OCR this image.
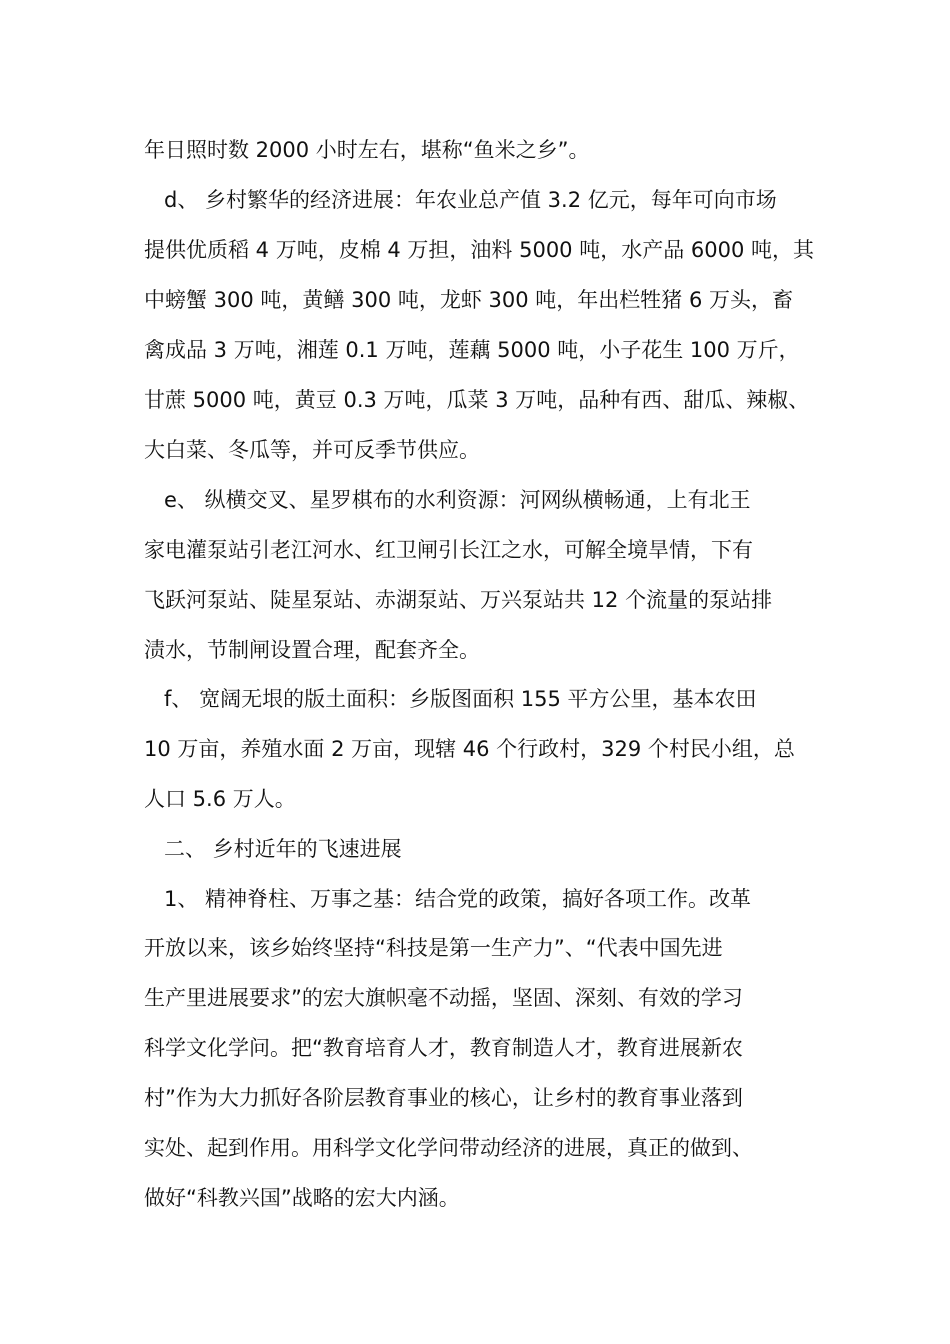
年日照时数 2000 小时左右，堪称“鱼米之乡”。
d、 乡村繁华的经济进展：年农业总产值 3.2 亿元，每年可向市场
提供优质稻 4 万吨，皮棉 4 万担，油料 5000 吨，水产品 6000 吨，其
中螃蟹 300 吨，黄鳝 300 吨，龙虾 300 吨，年出栏牲猪 6 万头，畜
禽成品 3 万吨，湘莲 0.1 万吨，莲藕 5000 吨，小子花生 100 万斤，
甘蔗 5000 吨，黄豆 0.3 万吨，瓜菜 3 万吨，品种有西、甜瓜、辣椒、
大白菜、冬瓜等，并可反季节供应。
e、 纵横交叉、星罗棋布的水利资源：河网纵横畅通，上有北王
家电灌泵站引老江河水、红卫闸引长江之水，可解全境旱情，下有
飞跃河泵站、陡星泵站、赤湖泵站、万兴泵站共 12 个流量的泵站排
渍水，节制闸设置合理，配套齐全。
f、 宽阔无垠的版土面积：乡版图面积 155 平方公里，基本农田
10 万亩，养殖水面 2 万亩，现辖 46 个行政村，329 个村民小组，总
人口 5.6 万人。
二、 乡村近年的飞速进展
1、 精神脊柱、万事之基：结合党的政策，搞好各项工作。改革
开放以来，该乡始终坚持“科技是第一生产力”、“代表中国先进
生产里进展要求”的宏大旗帜毫不动摇，坚固、深刻、有效的学习
科学文化学问。把“教育培育人才，教育制造人才，教育进展新农
村”作为大力抓好各阶层教育事业的核心，让乡村的教育事业落到
实处、起到作用。用科学文化学问带动经济的进展，真正的做到、
做好“科教兴国”战略的宏大内涵。
